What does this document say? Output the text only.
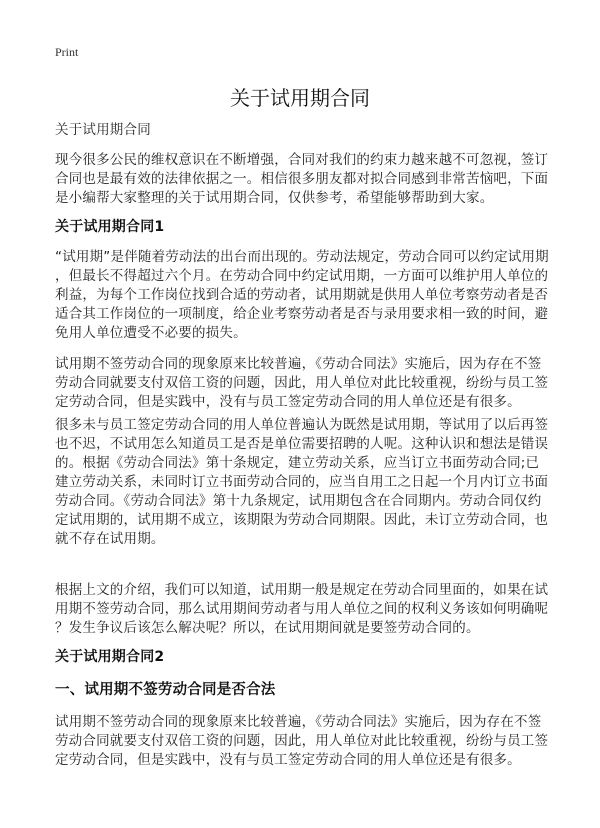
Print
关于试用期合同
关于试用期合同
现今很多公民的维权意识在不断增强，合同对我们的约束力越来越不可忽视，签订
合同也是最有效的法律依据之一。相信很多朋友都对拟合同感到非常苦恼吧，下面
是小编帮大家整理的关于试用期合同，仅供参考，希望能够帮助到大家。
关于试用期合同1
“试用期”是伴随着劳动法的出台而出现的。劳动法规定，劳动合同可以约定试用期
，但最长不得超过六个月。在劳动合同中约定试用期，一方面可以维护用人单位的
利益，为每个工作岗位找到合适的劳动者，试用期就是供用人单位考察劳动者是否
适合其工作岗位的一项制度，给企业考察劳动者是否与录用要求相一致的时间，避
免用人单位遭受不必要的损失。
试用期不签劳动合同的现象原来比较普遍，《劳动合同法》实施后，因为存在不签
劳动合同就要支付双倍工资的问题，因此，用人单位对此比较重视，纷纷与员工签
定劳动合同，但是实践中，没有与员工签定劳动合同的用人单位还是有很多。
很多未与员工签定劳动合同的用人单位普遍认为既然是试用期，等试用了以后再签
也不迟，不试用怎么知道员工是否是单位需要招聘的人呢。这种认识和想法是错误
的。根据《劳动合同法》第十条规定，建立劳动关系，应当订立书面劳动合同;已
建立劳动关系，未同时订立书面劳动合同的，应当自用工之日起一个月内订立书面
劳动合同。《劳动合同法》第十九条规定，试用期包含在合同期内。劳动合同仅约
定试用期的，试用期不成立，该期限为劳动合同期限。因此，未订立劳动合同，也
就不存在试用期。
根据上文的介绍，我们可以知道，试用期一般是规定在劳动合同里面的，如果在试
用期不签劳动合同，那么试用期间劳动者与用人单位之间的权利义务该如何明确呢
？发生争议后该怎么解决呢？所以，在试用期间就是要签劳动合同的。
关于试用期合同2
一、试用期不签劳动合同是否合法
试用期不签劳动合同的现象原来比较普遍，《劳动合同法》实施后，因为存在不签
劳动合同就要支付双倍工资的问题，因此，用人单位对此比较重视，纷纷与员工签
定劳动合同，但是实践中，没有与员工签定劳动合同的用人单位还是有很多。
